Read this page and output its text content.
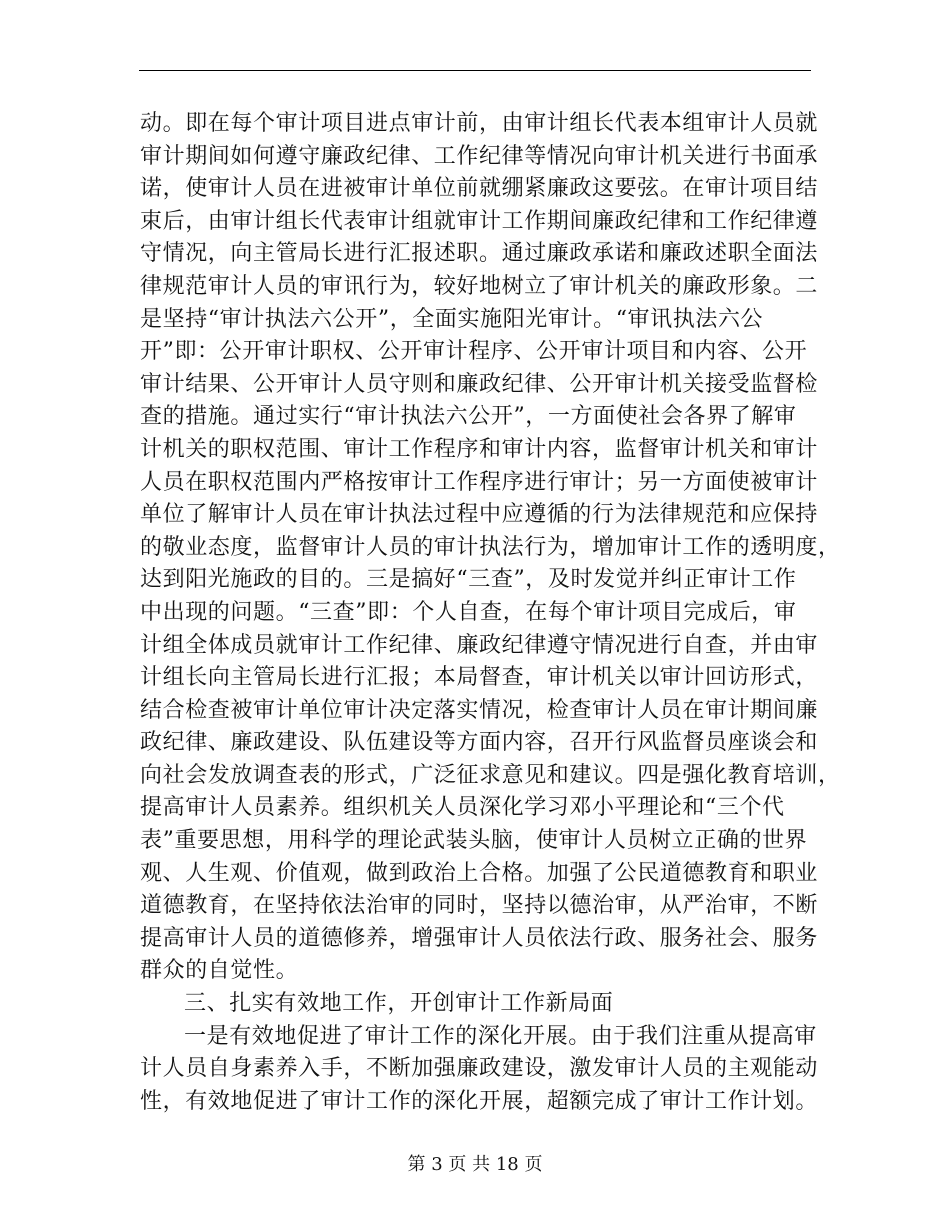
动。即在每个审计项目进点审计前，由审计组长代表本组审计人员就
审计期间如何遵守廉政纪律、工作纪律等情况向审计机关进行书面承
诺，使审计人员在进被审计单位前就绷紧廉政这要弦。在审计项目结
束后，由审计组长代表审计组就审计工作期间廉政纪律和工作纪律遵
守情况，向主管局长进行汇报述职。通过廉政承诺和廉政述职全面法
律规范审计人员的审讯行为，较好地树立了审计机关的廉政形象。二
是坚持“审计执法六公开”，全面实施阳光审计。“审讯执法六公
开”即：公开审计职权、公开审计程序、公开审计项目和内容、公开
审计结果、公开审计人员守则和廉政纪律、公开审计机关接受监督检
查的措施。通过实行“审计执法六公开”，一方面使社会各界了解审
计机关的职权范围、审计工作程序和审计内容，监督审计机关和审计
人员在职权范围内严格按审计工作程序进行审计；另一方面使被审计
单位了解审计人员在审计执法过程中应遵循的行为法律规范和应保持
的敬业态度，监督审计人员的审计执法行为，增加审计工作的透明度，
达到阳光施政的目的。三是搞好“三查”，及时发觉并纠正审计工作
中出现的问题。“三查”即：个人自查，在每个审计项目完成后，审
计组全体成员就审计工作纪律、廉政纪律遵守情况进行自查，并由审
计组长向主管局长进行汇报；本局督查，审计机关以审计回访形式，
结合检查被审计单位审计决定落实情况，检查审计人员在审计期间廉
政纪律、廉政建设、队伍建设等方面内容，召开行风监督员座谈会和
向社会发放调查表的形式，广泛征求意见和建议。四是强化教育培训，
提高审计人员素养。组织机关人员深化学习邓小平理论和“三个代
表”重要思想，用科学的理论武装头脑，使审计人员树立正确的世界
观、人生观、价值观，做到政治上合格。加强了公民道德教育和职业
道德教育，在坚持依法治审的同时，坚持以德治审，从严治审，不断
提高审计人员的道德修养，增强审计人员依法行政、服务社会、服务
群众的自觉性。
三、扎实有效地工作，开创审计工作新局面
一是有效地促进了审计工作的深化开展。由于我们注重从提高审
计人员自身素养入手，不断加强廉政建设，激发审计人员的主观能动
性，有效地促进了审计工作的深化开展，超额完成了审计工作计划。
第 3 页 共 18 页
